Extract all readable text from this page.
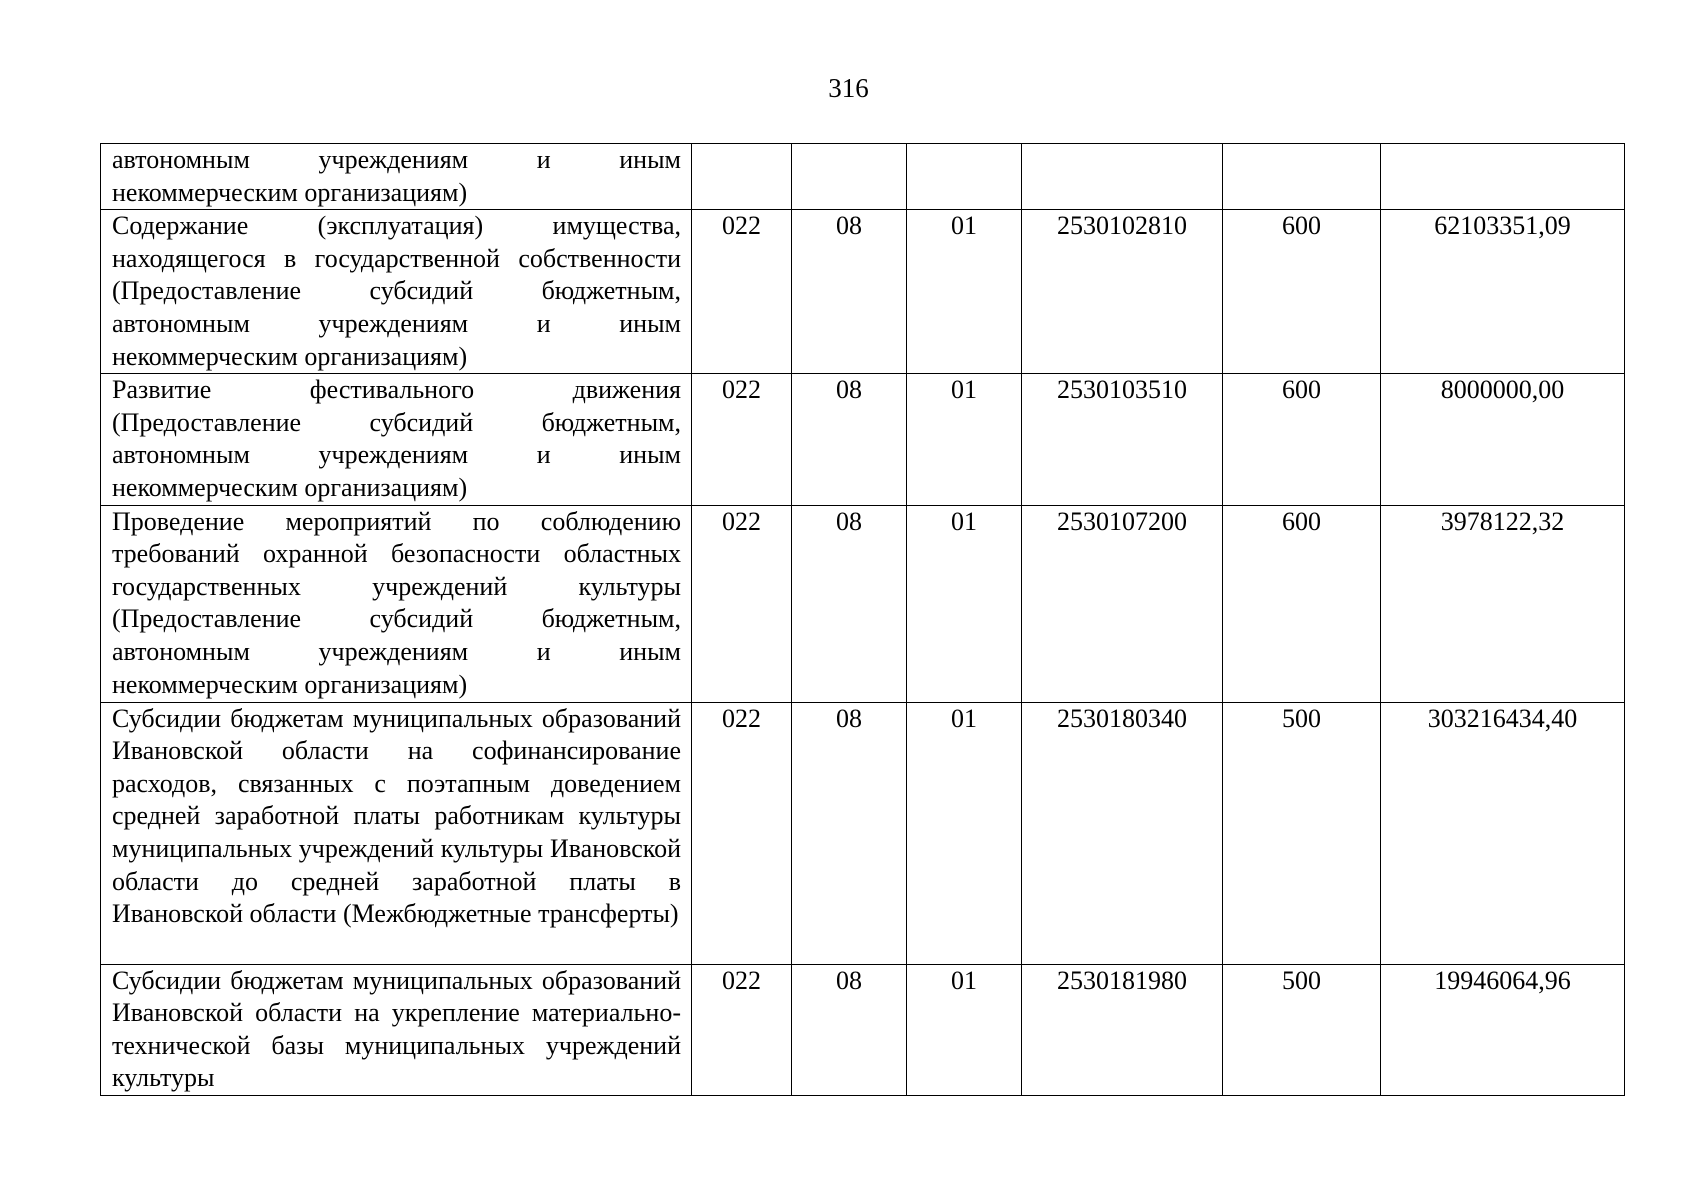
316
автономным учреждениям и иным некоммерческим организациям)						
Содержание (эксплуатация) имущества, находящегося в государственной собственности (Предоставление субсидий бюджетным, автономным учреждениям и иным некоммерческим организациям)	022	08	01	2530102810	600	62103351,09
Развитие фестивального движения (Предоставление субсидий бюджетным, автономным учреждениям и иным некоммерческим организациям)	022	08	01	2530103510	600	8000000,00
Проведение мероприятий по соблюдению требований охранной безопасности областных государственных учреждений культуры (Предоставление субсидий бюджетным, автономным учреждениям и иным некоммерческим организациям)	022	08	01	2530107200	600	3978122,32
Субсидии бюджетам муниципальных образований Ивановской области на софинансирование расходов, связанных с поэтапным доведением средней заработной платы работникам культуры муниципальных учреждений культуры Ивановской области до средней заработной платы в Ивановской области (Межбюджетные трансферты)	022	08	01	2530180340	500	303216434,40
Субсидии бюджетам муниципальных образований Ивановской области на укрепление материально-технической базы муниципальных учреждений культуры	022	08	01	2530181980	500	19946064,96
